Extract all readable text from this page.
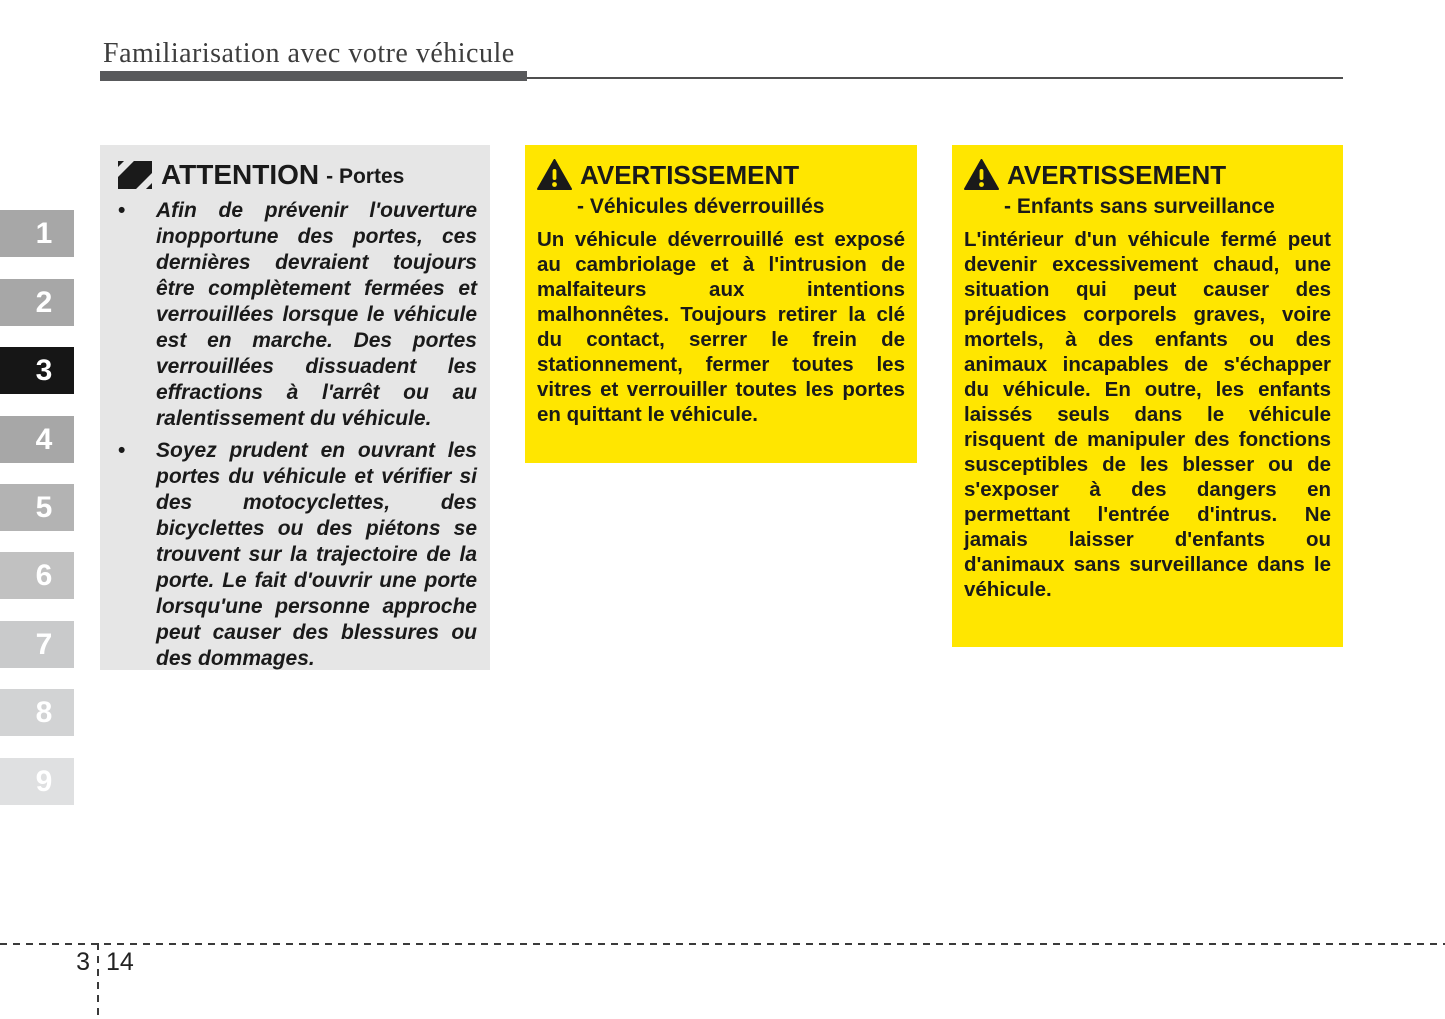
Familiarisation avec votre véhicule
1
2
3
4
5
6
7
8
9
ATTENTION - Portes
• Afin de prévenir l'ouverture inopportune des portes, ces dernières devraient toujours être complètement fermées et verrouillées lorsque le véhicule est en marche. Des portes verrouillées dissuadent les effractions à l'arrêt ou au ralentissement du véhicule.
• Soyez prudent en ouvrant les portes du véhicule et vérifier si des motocyclettes, des bicyclettes ou des piétons se trouvent sur la trajectoire de la porte. Le fait d'ouvrir une porte lorsqu'une personne approche peut causer des blessures ou des dommages.
AVERTISSEMENT
- Véhicules déverrouillés
Un véhicule déverrouillé est exposé au cambriolage et à l'intrusion de malfaiteurs aux intentions malhonnêtes. Toujours retirer la clé du contact, serrer le frein de stationnement, fermer toutes les vitres et verrouiller toutes les portes en quittant le véhicule.
AVERTISSEMENT
- Enfants sans surveillance
L'intérieur d'un véhicule fermé peut devenir excessivement chaud, une situation qui peut causer des préjudices corporels graves, voire mortels, à des enfants ou des animaux incapables de s'échapper du véhicule. En outre, les enfants laissés seuls dans le véhicule risquent de manipuler des fonctions susceptibles de les blesser ou de s'exposer à des dangers en permettant l'entrée d'intrus. Ne jamais laisser d'enfants ou d'animaux sans surveillance dans le véhicule.
3 14
